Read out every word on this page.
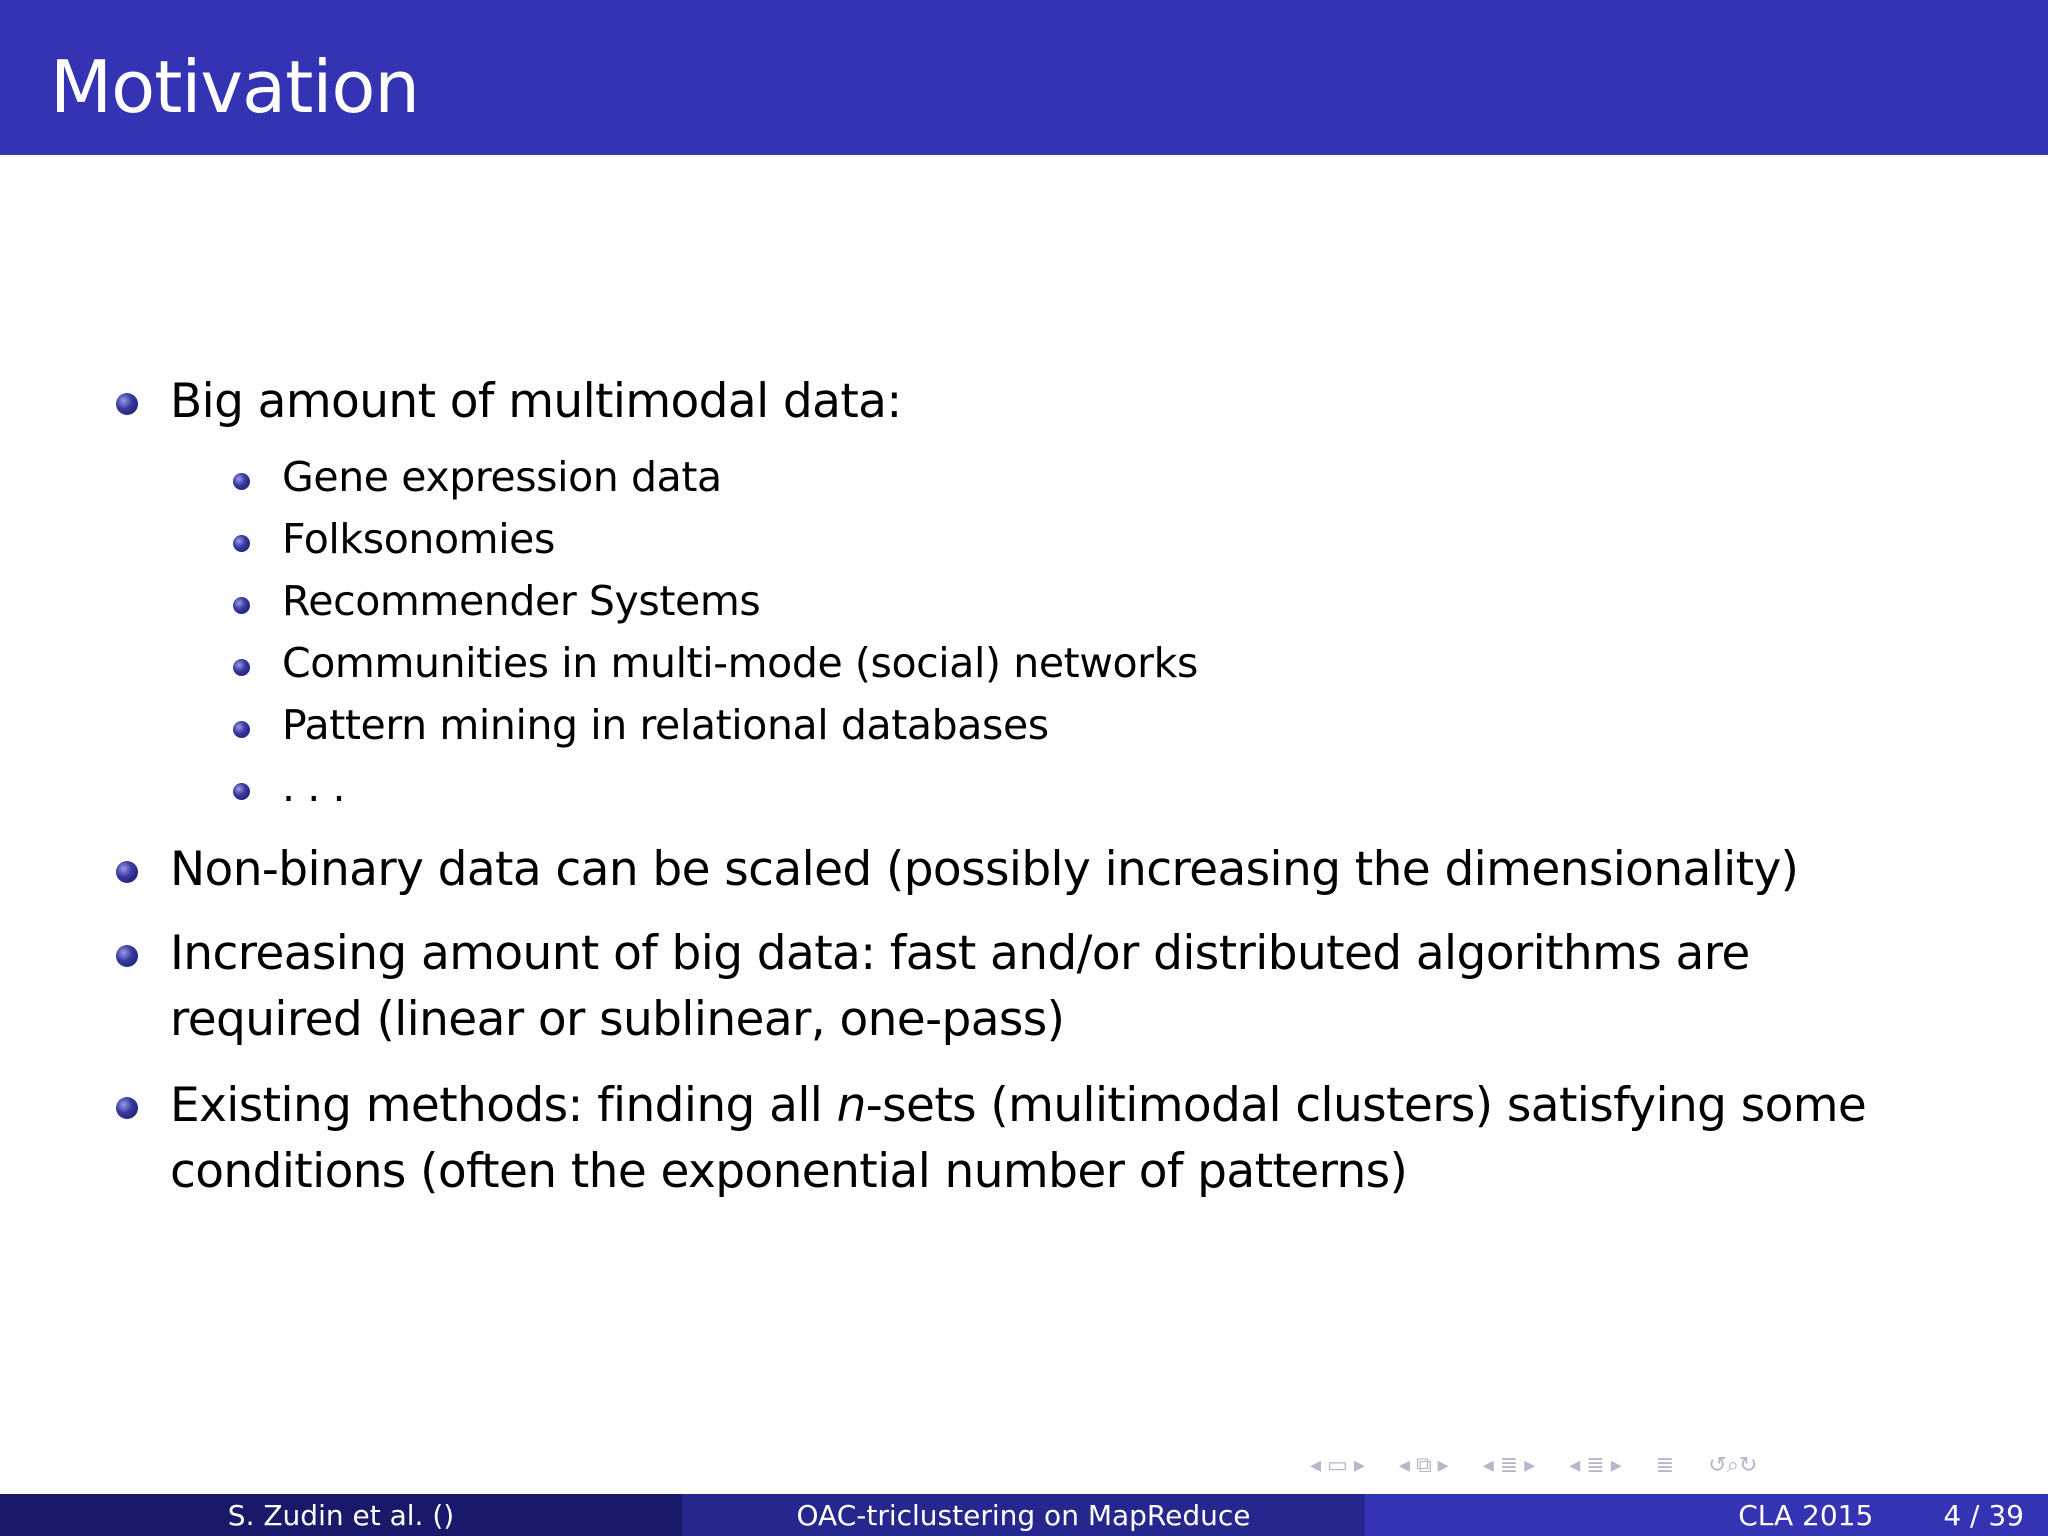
Motivation
Big amount of multimodal data:
Gene expression data
Folksonomies
Recommender Systems
Communities in multi-mode (social) networks
Pattern mining in relational databases
. . .
Non-binary data can be scaled (possibly increasing the dimensionality)
Increasing amount of big data: fast and/or distributed algorithms are
required (linear or sublinear, one-pass)
Existing methods: finding all n-sets (mulitimodal clusters) satisfying some
conditions (often the exponential number of patterns)
◂ ▭ ▸ ◂ ⧉ ▸ ◂ ≣ ▸ ◂ ≣ ▸ ≣ ↺⌕↻
S. Zudin et al. ()	OAC-triclustering on MapReduce	CLA 2015	4 / 39
